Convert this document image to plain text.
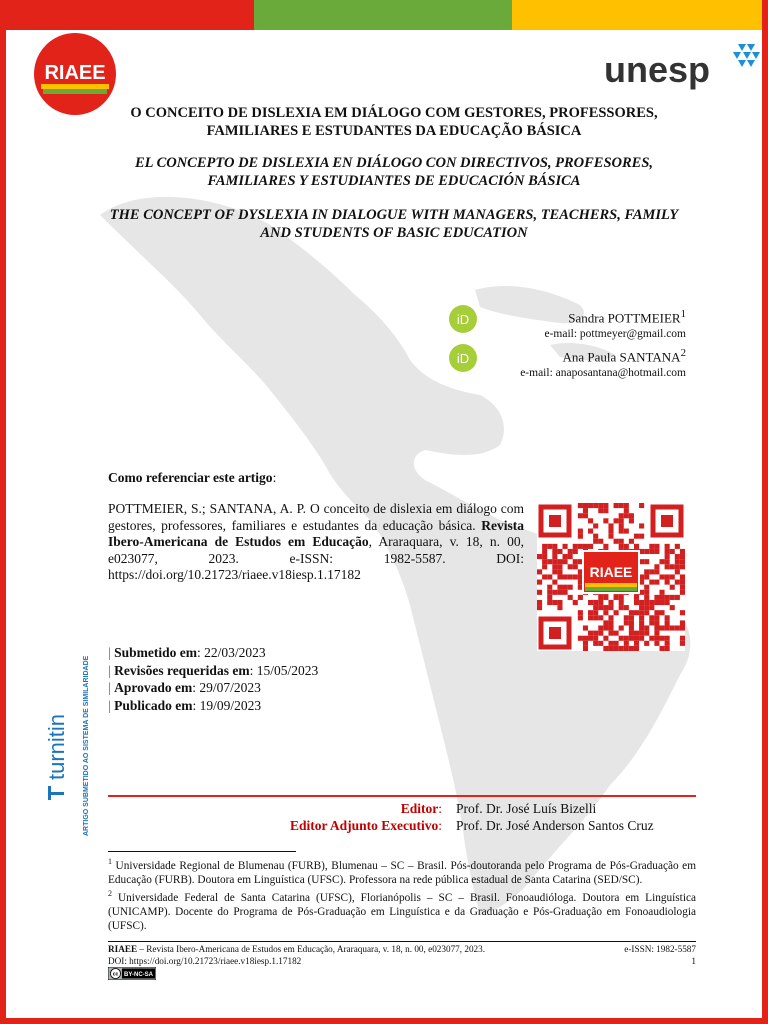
RIAEE	unesp
O CONCEITO DE DISLEXIA EM DIÁLOGO COM GESTORES, PROFESSORES, FAMILIARES E ESTUDANTES DA EDUCAÇÃO BÁSICA
EL CONCEPTO DE DISLEXIA EN DIÁLOGO CON DIRECTIVOS, PROFESORES, FAMILIARES Y ESTUDIANTES DE EDUCACIÓN BÁSICA
THE CONCEPT OF DYSLEXIA IN DIALOGUE WITH MANAGERS, TEACHERS, FAMILY AND STUDENTS OF BASIC EDUCATION
iD
iD
Sandra POTTMEIER$^1$
e-mail: pottmeyer@gmail.com
Ana Paula SANTANA$^2$
e-mail: anaposantana@hotmail.com
Como referenciar este artigo:
POTTMEIER, S.; SANTANA, A. P. O conceito de dislexia em diálogo com gestores, professores, familiares e estudantes da educação básica. Revista Ibero-Americana de Estudos em Educação, Araraquara, v. 18, n. 00, e023077, 2023. e-ISSN: 1982-5587. DOI: https://doi.org/10.21723/riaee.v18iesp.1.17182	RIAEE
| Submetido em: 22/03/2023
| Revisões requeridas em: 15/05/2023
| Aprovado em: 29/07/2023
| Publicado em: 19/09/2023
turnitin ARTIGO SUBMETIDO AO SISTEMA DE SIMILARIDADE	Editor:	Prof. Dr. José Luís Bizelli
Editor Adjunto Executivo:	Prof. Dr. José Anderson Santos Cruz
$^1$ Universidade Regional de Blumenau (FURB), Blumenau – SC – Brasil. Pós-doutoranda pelo Programa de Pós-Graduação em Educação (FURB). Doutora em Linguística (UFSC). Professora na rede pública estadual de Santa Catarina (SED/SC).
$^2$ Universidade Federal de Santa Catarina (UFSC), Florianópolis – SC – Brasil. Fonoaudióloga. Doutora em Linguística (UNICAMP). Docente do Programa de Pós-Graduação em Linguística e da Graduação e Pós-Graduação em Fonoaudiologia (UFSC).
RIAEE – Revista Ibero-Americana de Estudos em Educação, Araraquara, v. 18, n. 00, e023077, 2023.	e-ISSN: 1982-5587
DOI: https://doi.org/10.21723/riaee.v18iesp.1.17182	1
cc BY-NC-SA
